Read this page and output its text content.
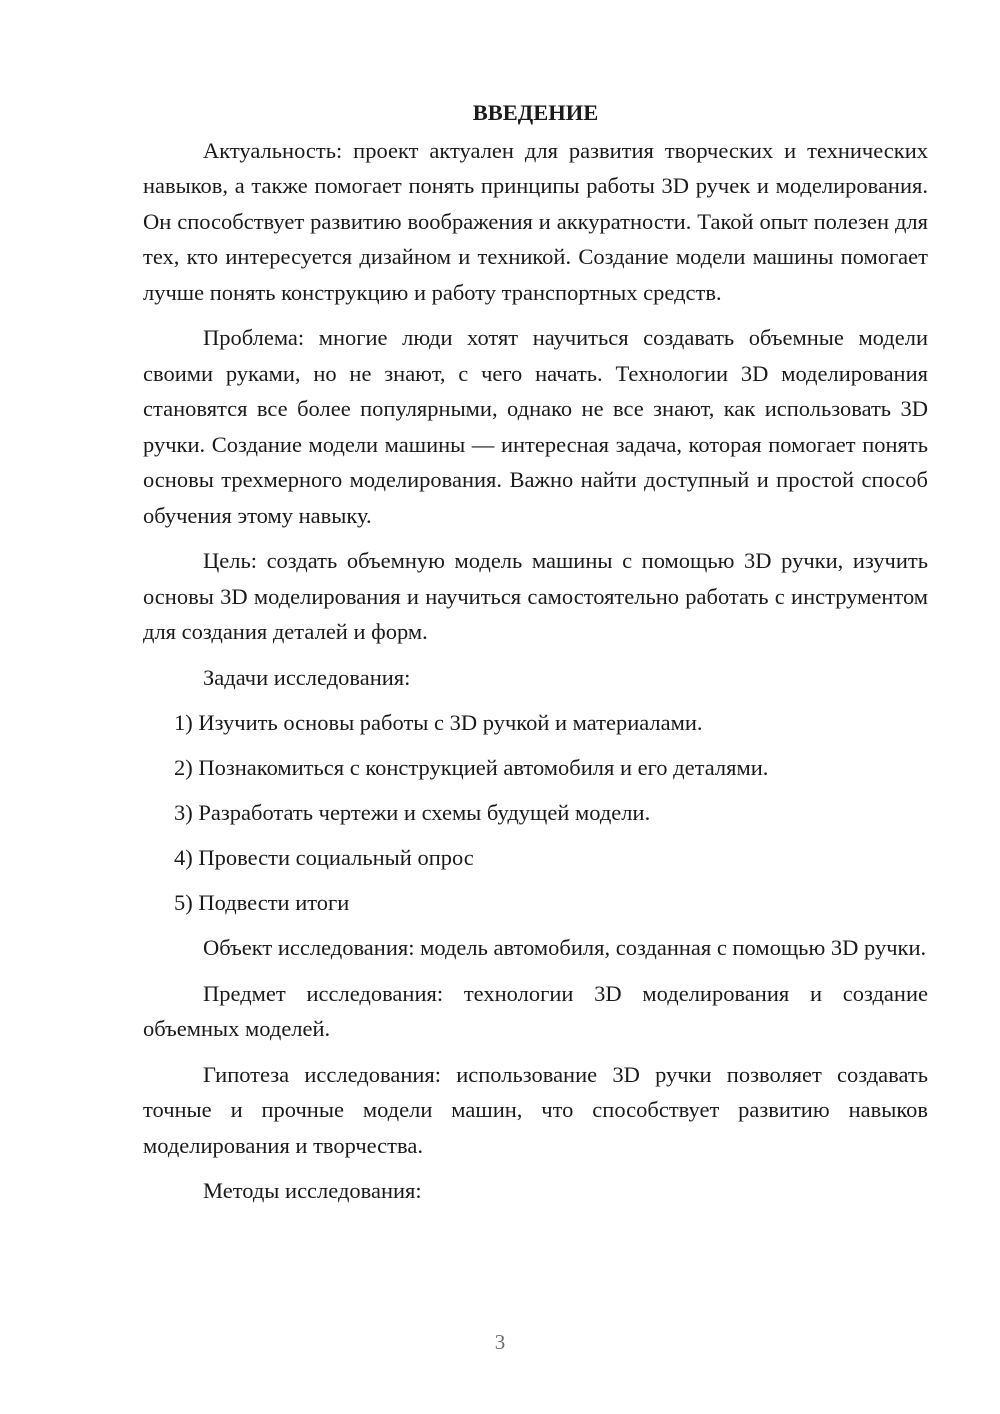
ВВЕДЕНИЕ

Актуальность: проект актуален для развития творческих и технических навыков, а также помогает понять принципы работы 3D ручек и моделирования. Он способствует развитию воображения и аккуратности. Такой опыт полезен для тех, кто интересуется дизайном и техникой. Создание модели машины помогает лучше понять конструкцию и работу транспортных средств.

Проблема: многие люди хотят научиться создавать объемные модели своими руками, но не знают, с чего начать. Технологии 3D моделирования становятся все более популярными, однако не все знают, как использовать 3D ручки. Создание модели машины — интересная задача, которая помогает понять основы трехмерного моделирования. Важно найти доступный и простой способ обучения этому навыку.

Цель: создать объемную модель машины с помощью 3D ручки, изучить основы 3D моделирования и научиться самостоятельно работать с инструментом для создания деталей и форм.

Задачи исследования:

1) Изучить основы работы с 3D ручкой и материалами.
2) Познакомиться с конструкцией автомобиля и его деталями.
3) Разработать чертежи и схемы будущей модели.
4) Провести социальный опрос
5) Подвести итоги

Объект исследования: модель автомобиля, созданная с помощью 3D ручки.

Предмет исследования: технологии 3D моделирования и создание объемных моделей.

Гипотеза исследования: использование 3D ручки позволяет создавать точные и прочные модели машин, что способствует развитию навыков моделирования и творчества.

Методы исследования:

3
